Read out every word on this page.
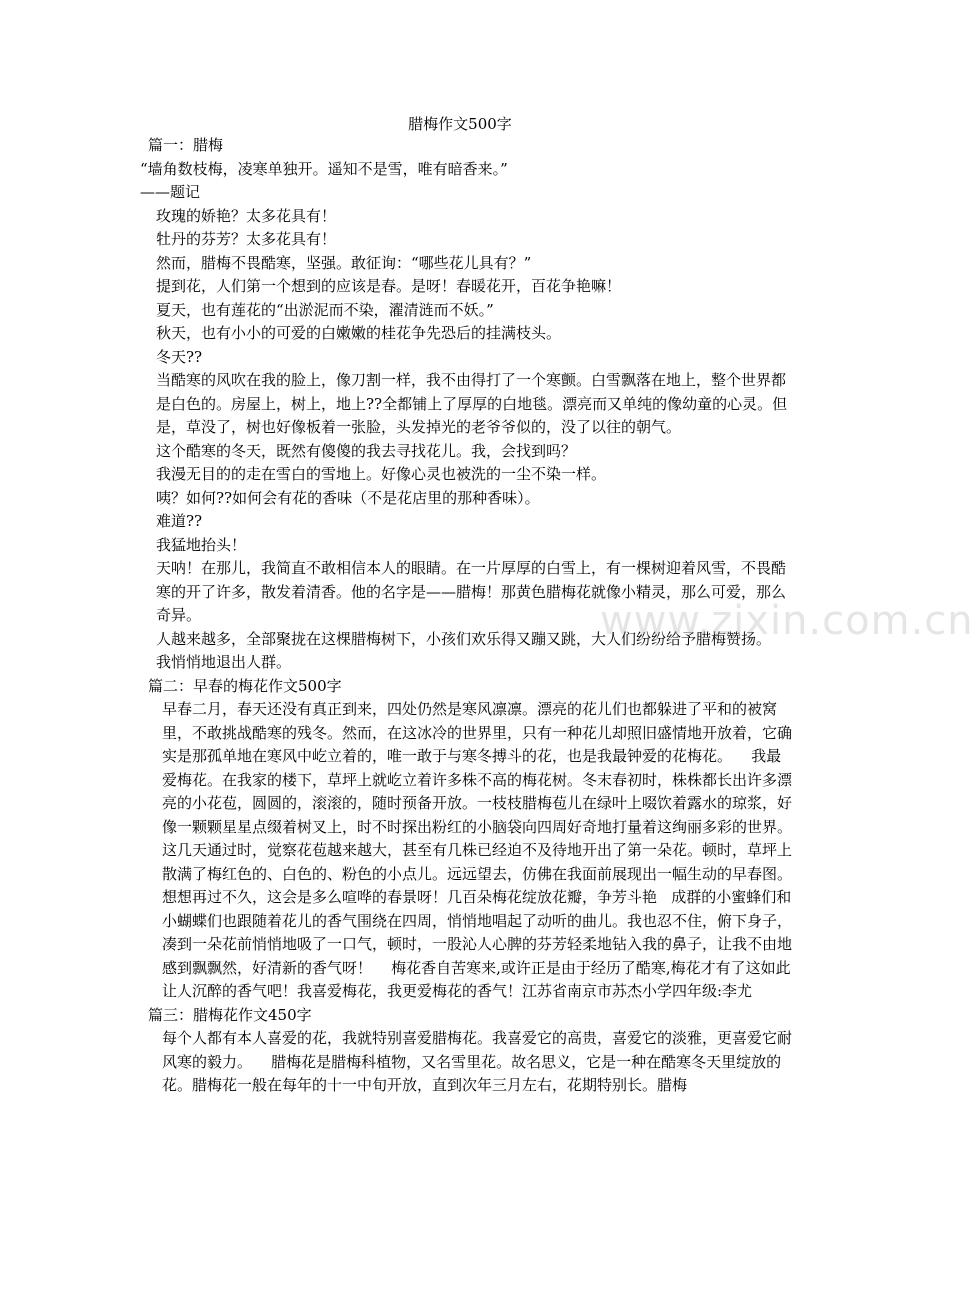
腊梅作文500字

篇一：腊梅

“墙角数枝梅，凌寒单独开。遥知不是雪，唯有暗香来。”

——题记

玫瑰的娇艳？太多花具有！

牡丹的芬芳？太多花具有！

然而，腊梅不畏酷寒，坚强。敢征询：“哪些花儿具有？”

提到花，人们第一个想到的应该是春。是呀！春暖花开，百花争艳嘛！

夏天，也有莲花的“出淤泥而不染，濯清涟而不妖。”

秋天，也有小小的可爱的白嫩嫩的桂花争先恐后的挂满枝头。

冬天??

当酷寒的风吹在我的脸上，像刀割一样，我不由得打了一个寒颤。白雪飘落在地上，整个世界都是白色的。房屋上，树上，地上??全都铺上了厚厚的白地毯。漂亮而又单纯的像幼童的心灵。但是，草没了，树也好像板着一张脸，头发掉光的老爷爷似的，没了以往的朝气。

这个酷寒的冬天，既然有傻傻的我去寻找花儿。我，会找到吗？

我漫无目的的走在雪白的雪地上。好像心灵也被洗的一尘不染一样。

咦？如何??如何会有花的香味（不是花店里的那种香味）。

难道??

我猛地抬头！

天呐！在那儿，我简直不敢相信本人的眼睛。在一片厚厚的白雪上，有一棵树迎着风雪，不畏酷寒的开了许多，散发着清香。他的名字是——腊梅！那黄色腊梅花就像小精灵，那么可爱，那么奇异。

人越来越多，全部聚拢在这棵腊梅树下，小孩们欢乐得又蹦又跳，大人们纷纷给予腊梅赞扬。

我悄悄地退出人群。

篇二：早春的梅花作文500字

早春二月，春天还没有真正到来，四处仍然是寒风凛凛。漂亮的花儿们也都躲进了平和的被窝里，不敢挑战酷寒的残冬。然而，在这冰冷的世界里，只有一种花儿却照旧盛情地开放着，它确实是那孤单地在寒风中屹立着的，唯一敢于与寒冬搏斗的花，也是我最钟爱的花梅花。    我最爱梅花。在我家的楼下，草坪上就屹立着许多株不高的梅花树。冬末春初时，株株都长出许多漂亮的小花苞，圆圆的，滚滚的，随时预备开放。一枝枝腊梅苞儿在绿叶上啜饮着露水的琼浆，好像一颗颗星星点缀着树叉上，时不时探出粉红的小脑袋向四周好奇地打量着这绚丽多彩的世界。    这几天通过时，觉察花苞越来越大，甚至有几株已经迫不及待地开出了第一朵花。顿时，草坪上散满了梅红色的、白色的、粉色的小点儿。远远望去，仿佛在我面前展现出一幅生动的早春图。想想再过不久，这会是多么喧哗的春景呀！几百朵梅花绽放花瓣，争芳斗艳   成群的小蜜蜂们和小蝴蝶们也跟随着花儿的香气围绕在四周，悄悄地唱起了动听的曲儿。我也忍不住，俯下身子，凑到一朵花前悄悄地吸了一口气，顿时，一股沁人心脾的芬芳轻柔地钻入我的鼻子，让我不由地感到飘飘然，好清新的香气呀！    梅花香自苦寒来,或许正是由于经历了酷寒,梅花才有了这如此让人沉醉的香气吧！我喜爱梅花，我更爱梅花的香气！江苏省南京市苏杰小学四年级:李尤

篇三：腊梅花作文450字

每个人都有本人喜爱的花，我就特别喜爱腊梅花。我喜爱它的高贵，喜爱它的淡雅，更喜爱它耐风寒的毅力。    腊梅花是腊梅科植物，又名雪里花。故名思义，它是一种在酷寒冬天里绽放的花。腊梅花一般在每年的十一中旬开放，直到次年三月左右，花期特别长。腊梅

www.zixin.com.cn
